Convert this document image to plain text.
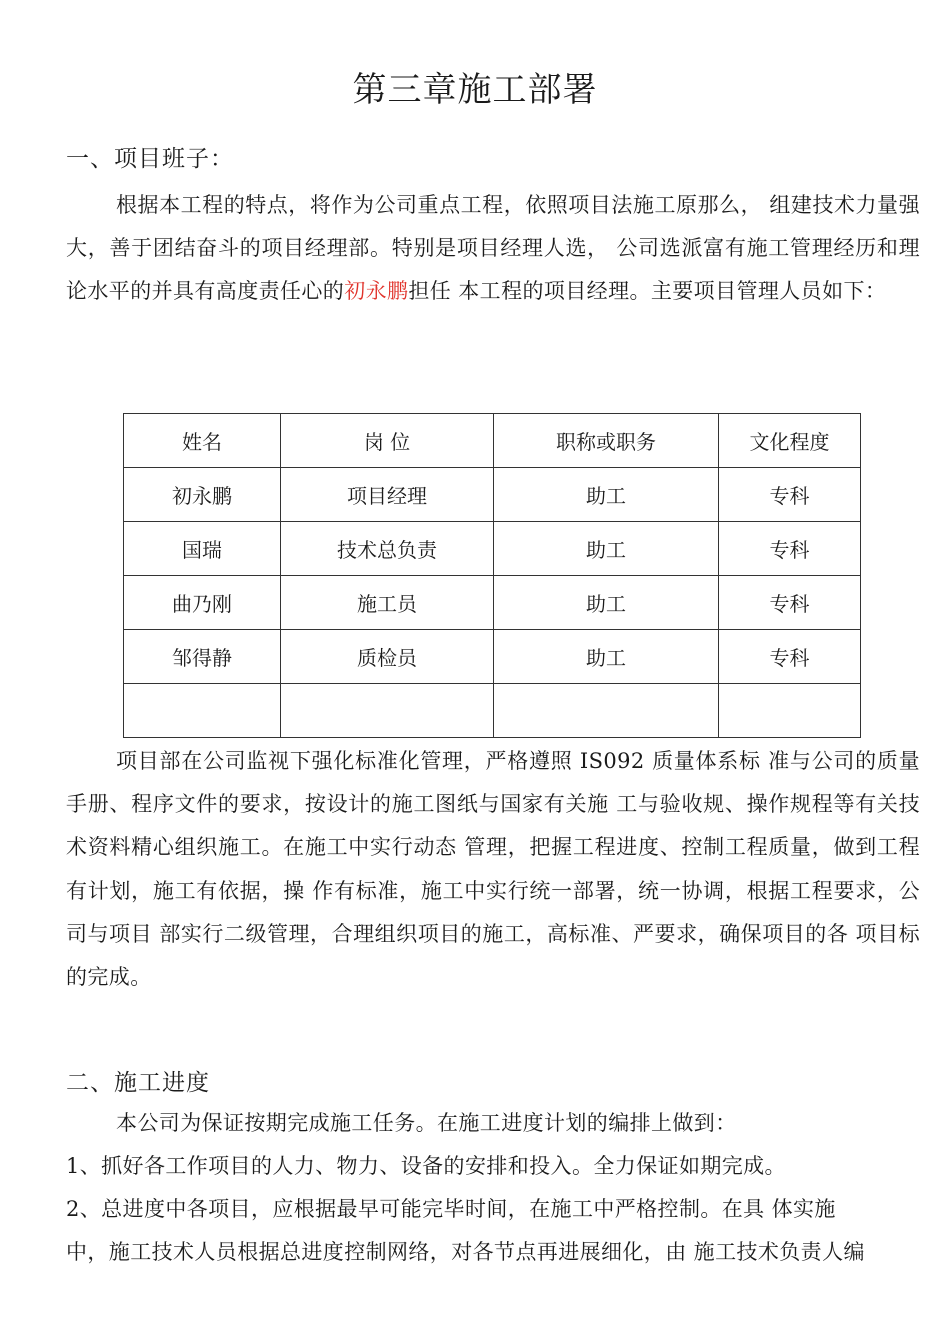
第三章施工部署
一、项目班子：
根据本工程的特点，将作为公司重点工程，依照项目法施工原那么， 组建技术力量强大，善于团结奋斗的项目经理部。特别是项目经理人选， 公司选派富有施工管理经历和理论水平的并具有高度责任心的初永鹏担任 本工程的项目经理。主要项目管理人员如下：
姓名	岗 位	职称或职务	文化程度
初永鹏	项目经理	助工	专科
国瑞	技术总负责	助工	专科
曲乃刚	施工员	助工	专科
邹得静	质检员	助工	专科

项目部在公司监视下强化标准化管理，严格遵照 IS092 质量体系标 准与公司的质量手册、程序文件的要求，按设计的施工图纸与国家有关施 工与验收规、操作规程等有关技术资料精心组织施工。在施工中实行动态 管理，把握工程进度、控制工程质量，做到工程有计划，施工有依据，操 作有标准，施工中实行统一部署，统一协调，根据工程要求，公司与项目 部实行二级管理，合理组织项目的施工，高标准、严要求，确保项目的各 项目标的完成。
二、施工进度
本公司为保证按期完成施工任务。在施工进度计划的编排上做到：
1、抓好各工作项目的人力、物力、设备的安排和投入。全力保证如期完成。
2、总进度中各项目，应根据最早可能完毕时间，在施工中严格控制。在具 体实施
中，施工技术人员根据总进度控制网络，对各节点再进展细化，由 施工技术负责人编
